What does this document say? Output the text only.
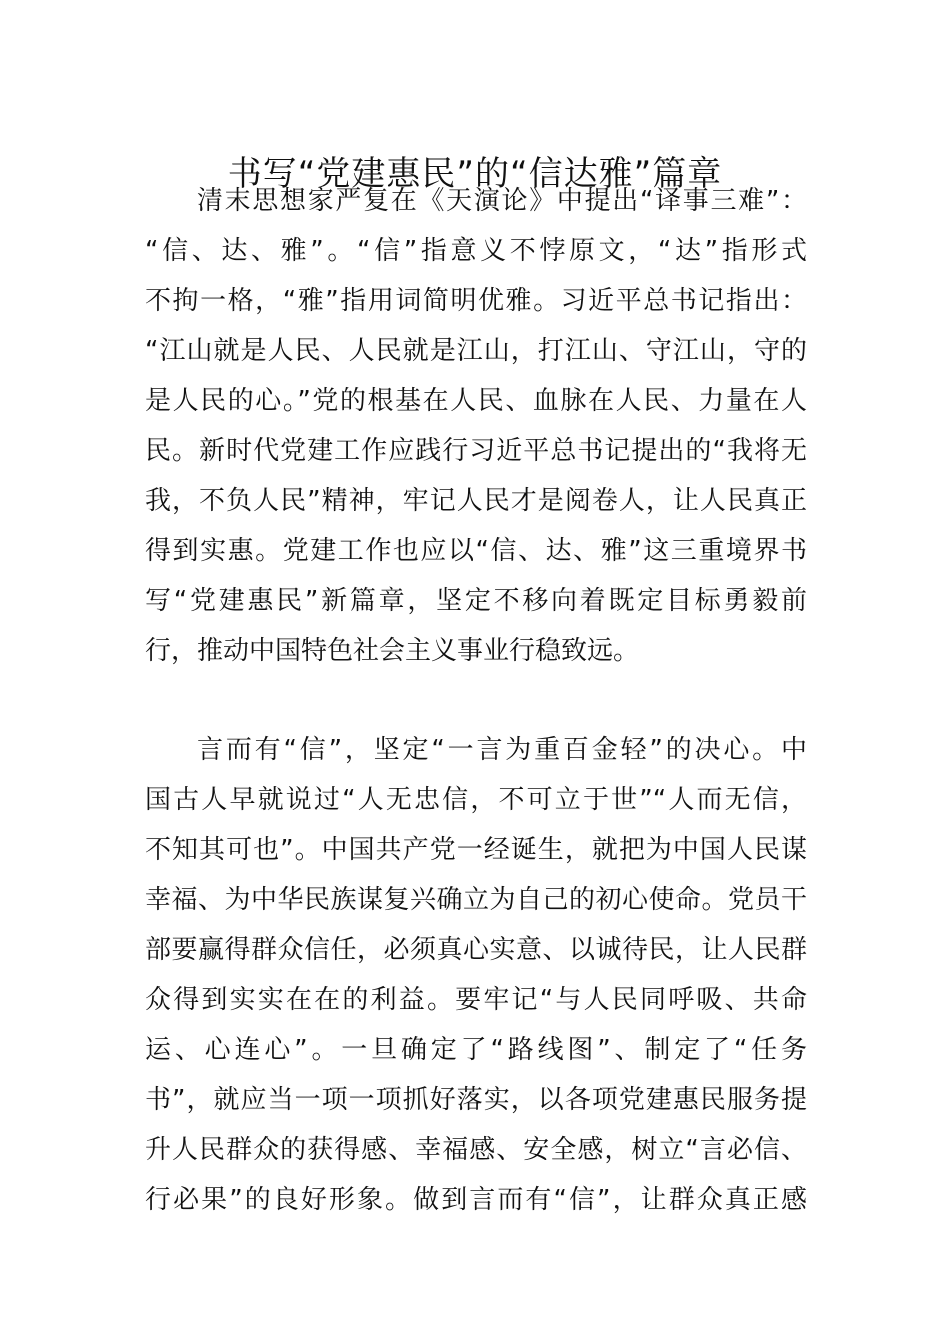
书写“党建惠民”的“信达雅”篇章
清末思想家严复在《天演论》中提出“译事三难”：
“信、达、雅”。“信”指意义不悖原文，“达”指形式
不拘一格，“雅”指用词简明优雅。习近平总书记指出：
“江山就是人民、人民就是江山，打江山、守江山，守的
是人民的心。”党的根基在人民、血脉在人民、力量在人
民。新时代党建工作应践行习近平总书记提出的“我将无
我，不负人民”精神，牢记人民才是阅卷人，让人民真正
得到实惠。党建工作也应以“信、达、雅”这三重境界书
写“党建惠民”新篇章，坚定不移向着既定目标勇毅前
行，推动中国特色社会主义事业行稳致远。
言而有“信”，坚定“一言为重百金轻”的决心。中
国古人早就说过“人无忠信，不可立于世”“人而无信，
不知其可也”。中国共产党一经诞生，就把为中国人民谋
幸福、为中华民族谋复兴确立为自己的初心使命。党员干
部要赢得群众信任，必须真心实意、以诚待民，让人民群
众得到实实在在的利益。要牢记“与人民同呼吸、共命
运、心连心”。一旦确定了“路线图”、制定了“任务
书”，就应当一项一项抓好落实，以各项党建惠民服务提
升人民群众的获得感、幸福感、安全感，树立“言必信、
行必果”的良好形象。做到言而有“信”，让群众真正感
